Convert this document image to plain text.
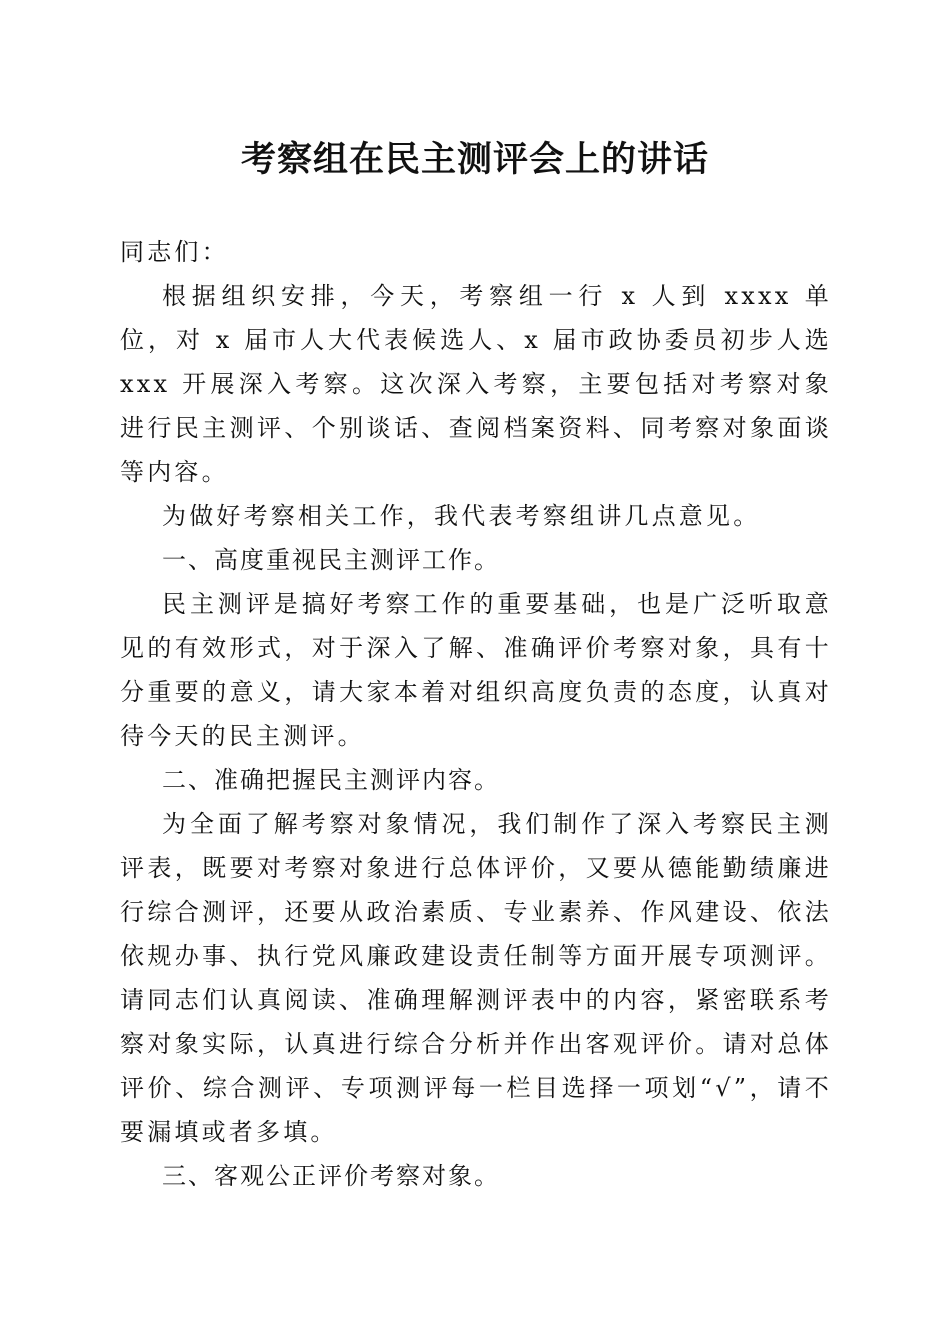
考察组在民主测评会上的讲话

同志们：

根据组织安排，今天，考察组一行 x 人到 xxxx 单位，对 x 届市人大代表候选人、x 届市政协委员初步人选 xxx 开展深入考察。这次深入考察，主要包括对考察对象进行民主测评、个别谈话、查阅档案资料、同考察对象面谈等内容。

为做好考察相关工作，我代表考察组讲几点意见。

一、高度重视民主测评工作。

民主测评是搞好考察工作的重要基础，也是广泛听取意见的有效形式，对于深入了解、准确评价考察对象，具有十分重要的意义，请大家本着对组织高度负责的态度，认真对待今天的民主测评。

二、准确把握民主测评内容。

为全面了解考察对象情况，我们制作了深入考察民主测评表，既要对考察对象进行总体评价，又要从德能勤绩廉进行综合测评，还要从政治素质、专业素养、作风建设、依法依规办事、执行党风廉政建设责任制等方面开展专项测评。请同志们认真阅读、准确理解测评表中的内容，紧密联系考察对象实际，认真进行综合分析并作出客观评价。请对总体评价、综合测评、专项测评每一栏目选择一项划“√”，请不要漏填或者多填。

三、客观公正评价考察对象。
